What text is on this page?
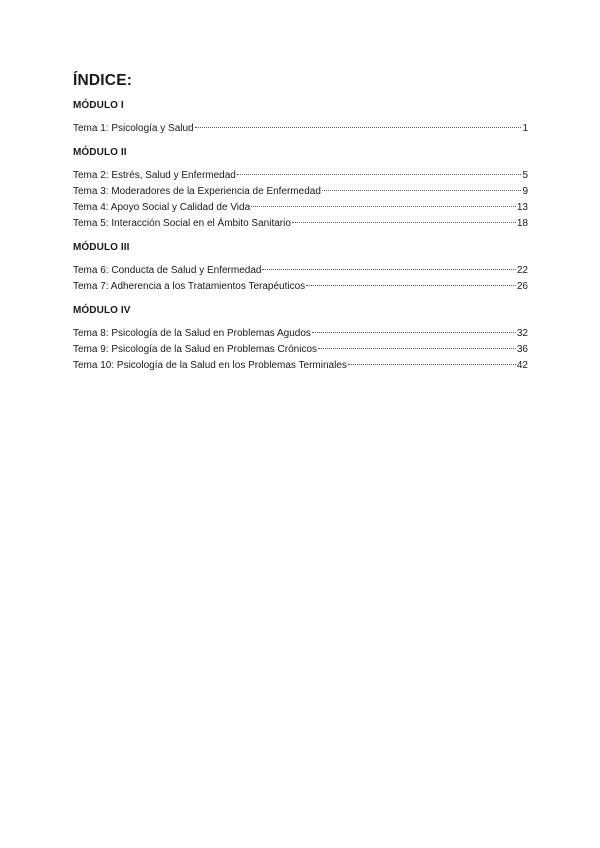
ÍNDICE:
MÓDULO I
Tema 1: Psicología y Salud	1
MÓDULO II
Tema 2: Estrés, Salud y Enfermedad	5
Tema 3: Moderadores de la Experiencia de Enfermedad	9
Tema 4: Apoyo Social y Calidad de Vida	13
Tema 5: Interacción Social en el Ámbito Sanitario	18
MÓDULO III
Tema 6: Conducta de Salud y Enfermedad	22
Tema 7: Adherencia a los Tratamientos Terapéuticos	26
MÓDULO IV
Tema 8: Psicología de la Salud en Problemas Agudos	32
Tema 9: Psicología de la Salud en Problemas Crónicos	36
Tema 10: Psicología de la Salud en los Problemas Terminales	42
